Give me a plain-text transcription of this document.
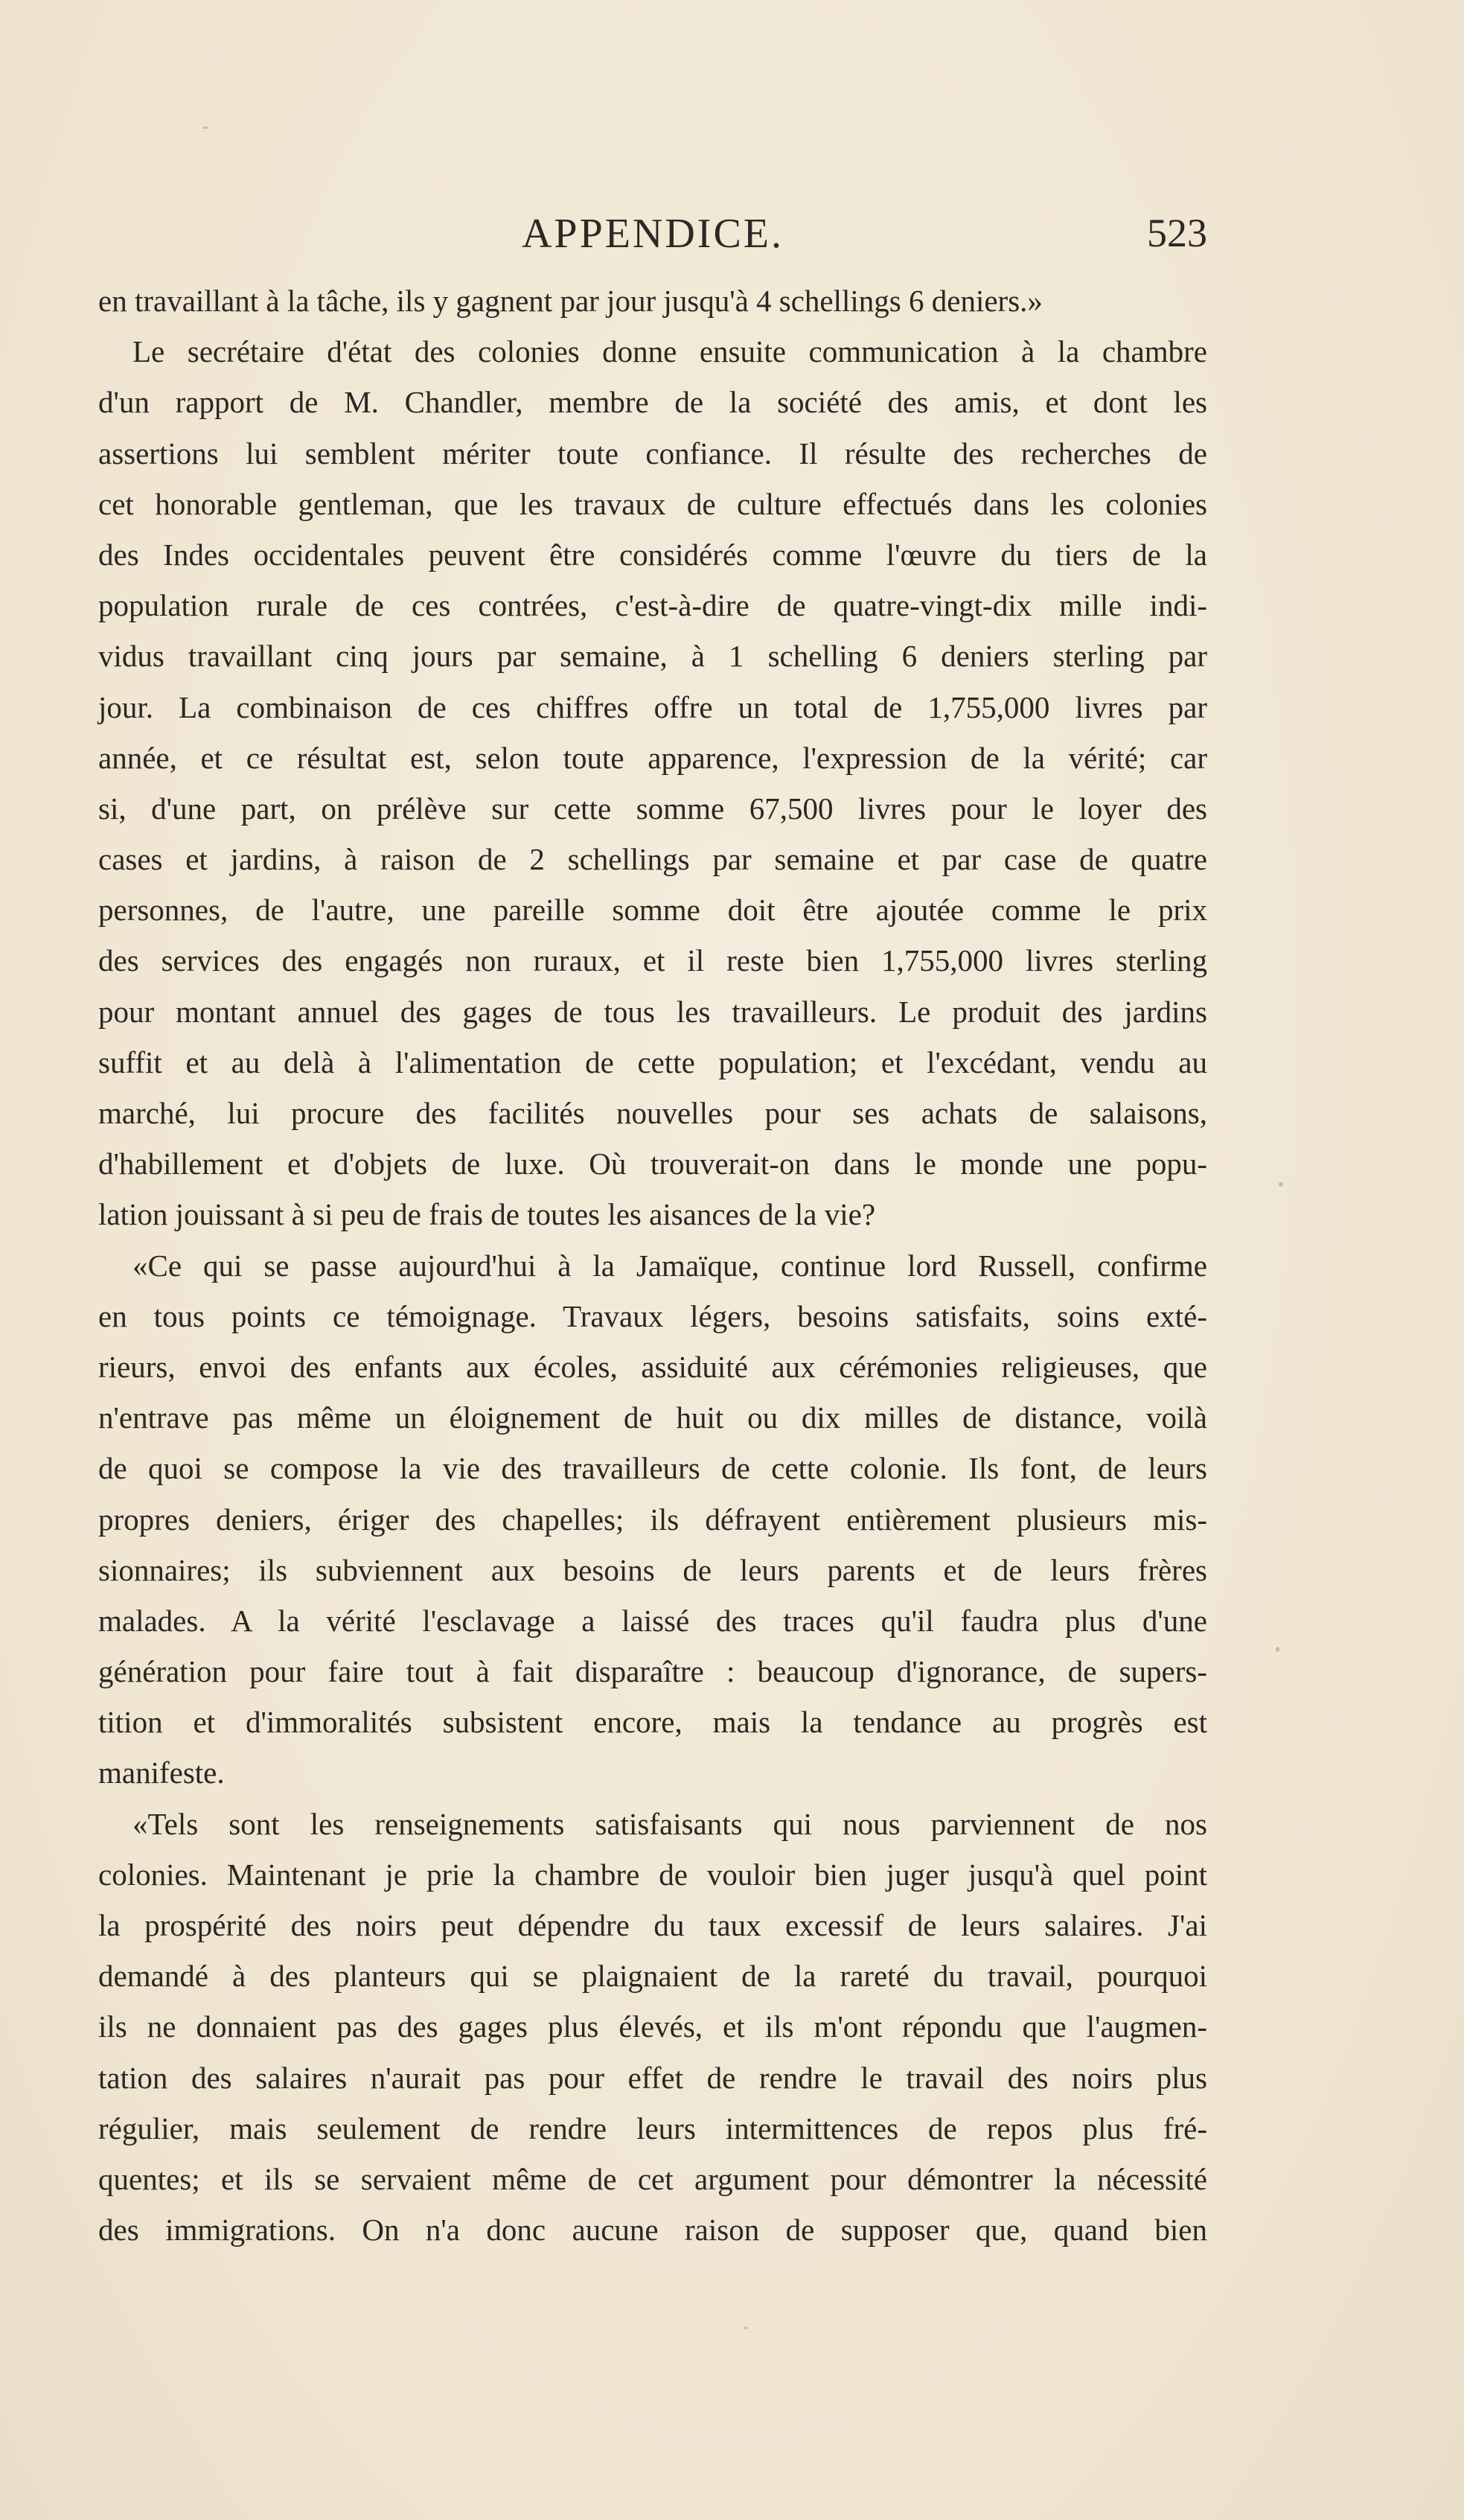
APPENDICE.	523
en travaillant à la tâche, ils y gagnent par jour jusqu'à 4 schellings 6 deniers.»
Le secrétaire d'état des colonies donne ensuite communication à la chambre
d'un rapport de M. Chandler, membre de la société des amis, et dont les
assertions lui semblent mériter toute confiance. Il résulte des recherches de
cet honorable gentleman, que les travaux de culture effectués dans les colonies
des Indes occidentales peuvent être considérés comme l'œuvre du tiers de la
population rurale de ces contrées, c'est-à-dire de quatre-vingt-dix mille indi-
vidus travaillant cinq jours par semaine, à 1 schelling 6 deniers sterling par
jour. La combinaison de ces chiffres offre un total de 1,755,000 livres par
année, et ce résultat est, selon toute apparence, l'expression de la vérité; car
si, d'une part, on prélève sur cette somme 67,500 livres pour le loyer des
cases et jardins, à raison de 2 schellings par semaine et par case de quatre
personnes, de l'autre, une pareille somme doit être ajoutée comme le prix
des services des engagés non ruraux, et il reste bien 1,755,000 livres sterling
pour montant annuel des gages de tous les travailleurs. Le produit des jardins
suffit et au delà à l'alimentation de cette population; et l'excédant, vendu au
marché, lui procure des facilités nouvelles pour ses achats de salaisons,
d'habillement et d'objets de luxe. Où trouverait-on dans le monde une popu-
lation jouissant à si peu de frais de toutes les aisances de la vie?
«Ce qui se passe aujourd'hui à la Jamaïque, continue lord Russell, confirme
en tous points ce témoignage. Travaux légers, besoins satisfaits, soins exté-
rieurs, envoi des enfants aux écoles, assiduité aux cérémonies religieuses, que
n'entrave pas même un éloignement de huit ou dix milles de distance, voilà
de quoi se compose la vie des travailleurs de cette colonie. Ils font, de leurs
propres deniers, ériger des chapelles; ils défrayent entièrement plusieurs mis-
sionnaires; ils subviennent aux besoins de leurs parents et de leurs frères
malades. A la vérité l'esclavage a laissé des traces qu'il faudra plus d'une
génération pour faire tout à fait disparaître : beaucoup d'ignorance, de supers-
tition et d'immoralités subsistent encore, mais la tendance au progrès est
manifeste.
«Tels sont les renseignements satisfaisants qui nous parviennent de nos
colonies. Maintenant je prie la chambre de vouloir bien juger jusqu'à quel point
la prospérité des noirs peut dépendre du taux excessif de leurs salaires. J'ai
demandé à des planteurs qui se plaignaient de la rareté du travail, pourquoi
ils ne donnaient pas des gages plus élevés, et ils m'ont répondu que l'augmen-
tation des salaires n'aurait pas pour effet de rendre le travail des noirs plus
régulier, mais seulement de rendre leurs intermittences de repos plus fré-
quentes; et ils se servaient même de cet argument pour démontrer la nécessité
des immigrations. On n'a donc aucune raison de supposer que, quand bien
